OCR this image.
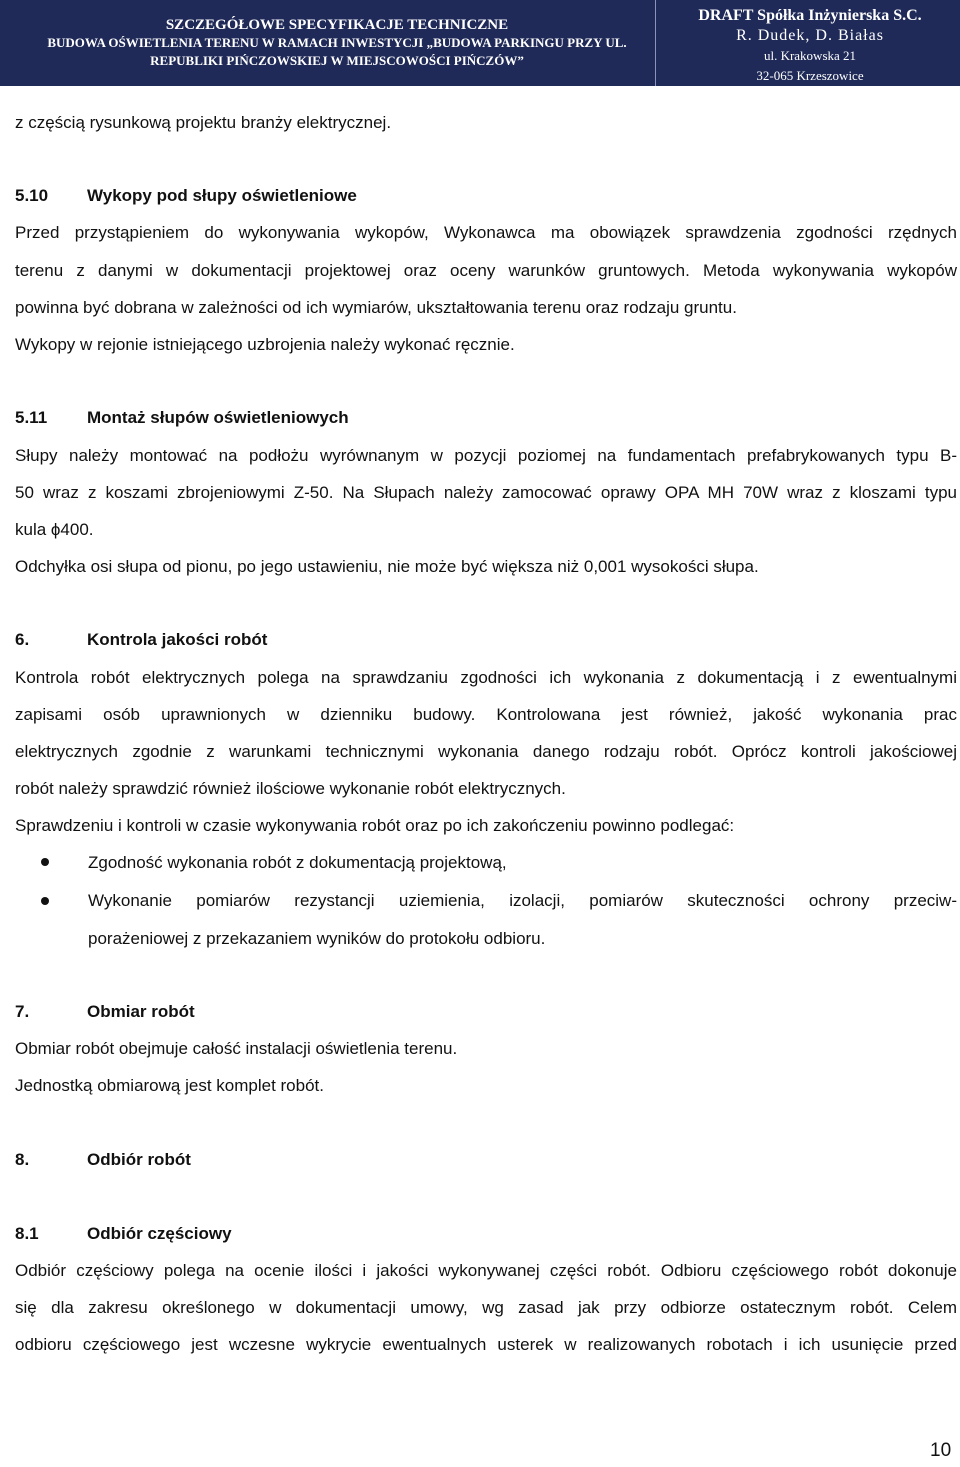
SZCZEGÓŁOWE SPECYFIKACJE TECHNICZNE
BUDOWA OŚWIETLENIA TERENU W RAMACH INWESTYCJI „BUDOWA PARKINGU PRZY UL.
REPUBLIKI PIŃCZOWSKIEJ W MIEJSCOWOŚCI PIŃCZÓW”
DRAFT Spółka Inżynierska S.C.
R. Dudek, D. Białas
ul. Krakowska 21
32-065 Krzeszowice
z częścią rysunkową projektu branży elektrycznej.
5.10 Wykopy pod słupy oświetleniowe
Przed przystąpieniem do wykonywania wykopów, Wykonawca ma obowiązek sprawdzenia zgodności rzędnych
terenu z danymi w dokumentacji projektowej oraz oceny warunków gruntowych. Metoda wykonywania wykopów
powinna być dobrana w zależności od ich wymiarów, ukształtowania terenu oraz rodzaju gruntu.
Wykopy w rejonie istniejącego uzbrojenia należy wykonać ręcznie.
5.11 Montaż słupów oświetleniowych
Słupy należy montować na podłożu wyrównanym w pozycji poziomej na fundamentach prefabrykowanych typu B-
50 wraz z koszami zbrojeniowymi Z-50. Na Słupach należy zamocować oprawy OPA MH 70W wraz z kloszami typu
kula ϕ400.
Odchyłka osi słupa od pionu, po jego ustawieniu, nie może być większa niż 0,001 wysokości słupa.
6.	Kontrola jakości robót
Kontrola robót elektrycznych polega na sprawdzaniu zgodności ich wykonania z dokumentacją i z ewentualnymi
zapisami osób uprawnionych w dzienniku budowy. Kontrolowana jest również, jakość wykonania prac
elektrycznych zgodnie z warunkami technicznymi wykonania danego rodzaju robót. Oprócz kontroli jakościowej
robót należy sprawdzić również ilościowe wykonanie robót elektrycznych.
Sprawdzeniu i kontroli w czasie wykonywania robót oraz po ich zakończeniu powinno podlegać:
Zgodność wykonania robót z dokumentacją projektową,
Wykonanie pomiarów rezystancji uziemienia, izolacji, pomiarów skuteczności ochrony przeciw-
porażeniowej z przekazaniem wyników do protokołu odbioru.
7.	Obmiar robót
Obmiar robót obejmuje całość instalacji oświetlenia terenu.
Jednostką obmiarową jest komplet robót.
8.	Odbiór robót
8.1	Odbiór częściowy
Odbiór częściowy polega na ocenie ilości i jakości wykonywanej części robót. Odbioru częściowego robót dokonuje
się dla zakresu określonego w dokumentacji umowy, wg zasad jak przy odbiorze ostatecznym robót. Celem
odbioru częściowego jest wczesne wykrycie ewentualnych usterek w realizowanych robotach i ich usunięcie przed
10
